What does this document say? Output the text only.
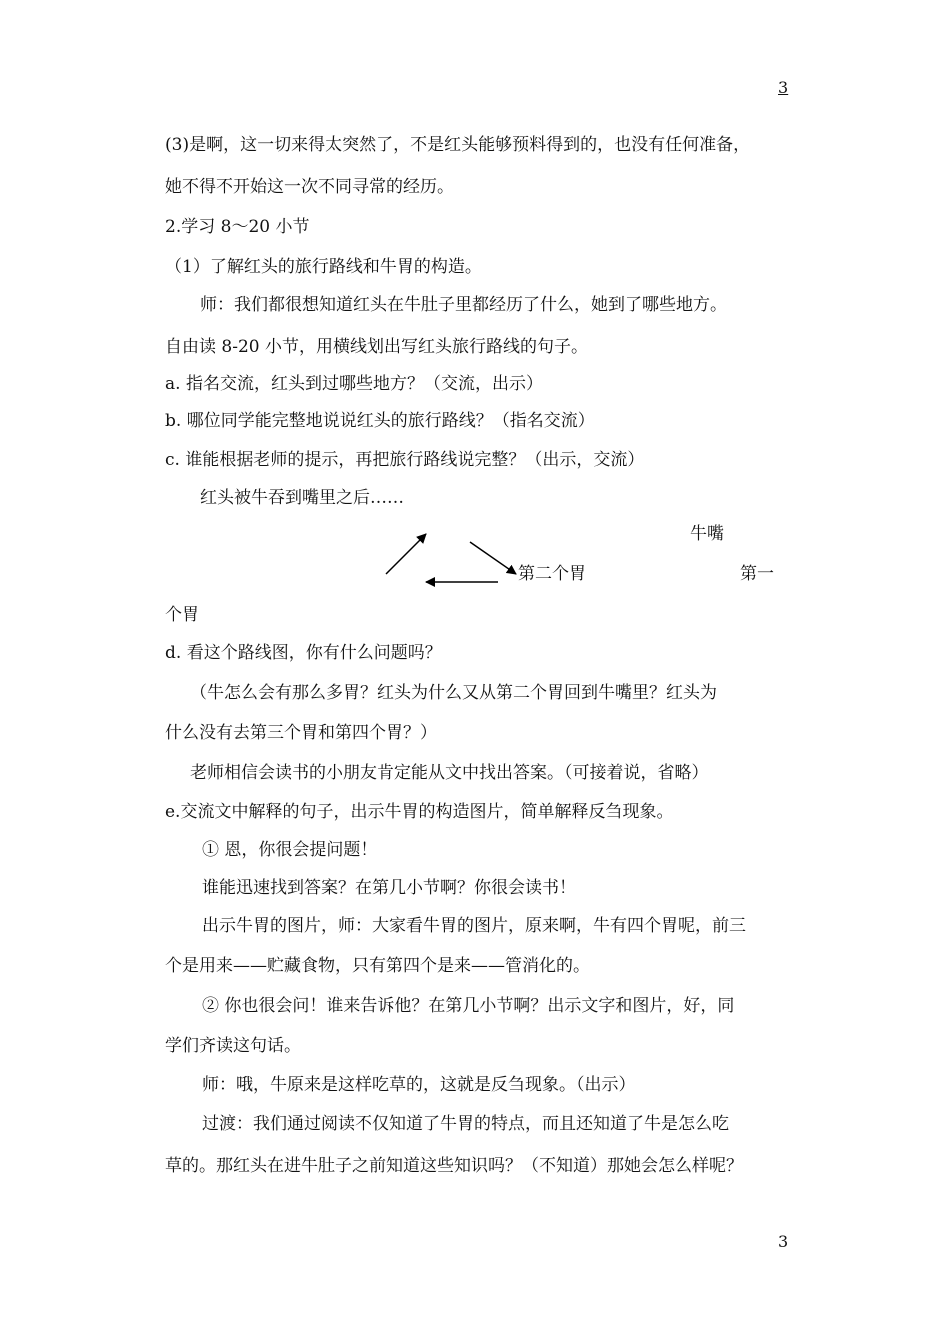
3

(3)是啊，这一切来得太突然了，不是红头能够预料得到的，也没有任何准备，

她不得不开始这一次不同寻常的经历。

2.学习 8～20 小节

（1）了解红头的旅行路线和牛胃的构造。

师：我们都很想知道红头在牛肚子里都经历了什么，她到了哪些地方。

自由读 8-20 小节，用横线划出写红头旅行路线的句子。

a. 指名交流，红头到过哪些地方？（交流，出示）

b. 哪位同学能完整地说说红头的旅行路线？（指名交流）

c. 谁能根据老师的提示，再把旅行路线说完整？（出示，交流）

红头被牛吞到嘴里之后……

牛嘴

第二个胃	第一

个胃

d. 看这个路线图，你有什么问题吗？

（牛怎么会有那么多胃？红头为什么又从第二个胃回到牛嘴里？红头为

什么没有去第三个胃和第四个胃？）

老师相信会读书的小朋友肯定能从文中找出答案。（可接着说，省略）

e.交流文中解释的句子，出示牛胃的构造图片，简单解释反刍现象。

① 恩，你很会提问题！

谁能迅速找到答案？在第几小节啊？你很会读书！

出示牛胃的图片，师：大家看牛胃的图片，原来啊，牛有四个胃呢，前三

个是用来——贮藏食物，只有第四个是来——管消化的。

② 你也很会问！谁来告诉他？在第几小节啊？出示文字和图片，好，同

学们齐读这句话。

师：哦，牛原来是这样吃草的，这就是反刍现象。（出示）

过渡：我们通过阅读不仅知道了牛胃的特点，而且还知道了牛是怎么吃

草的。那红头在进牛肚子之前知道这些知识吗？（不知道）那她会怎么样呢？

3
